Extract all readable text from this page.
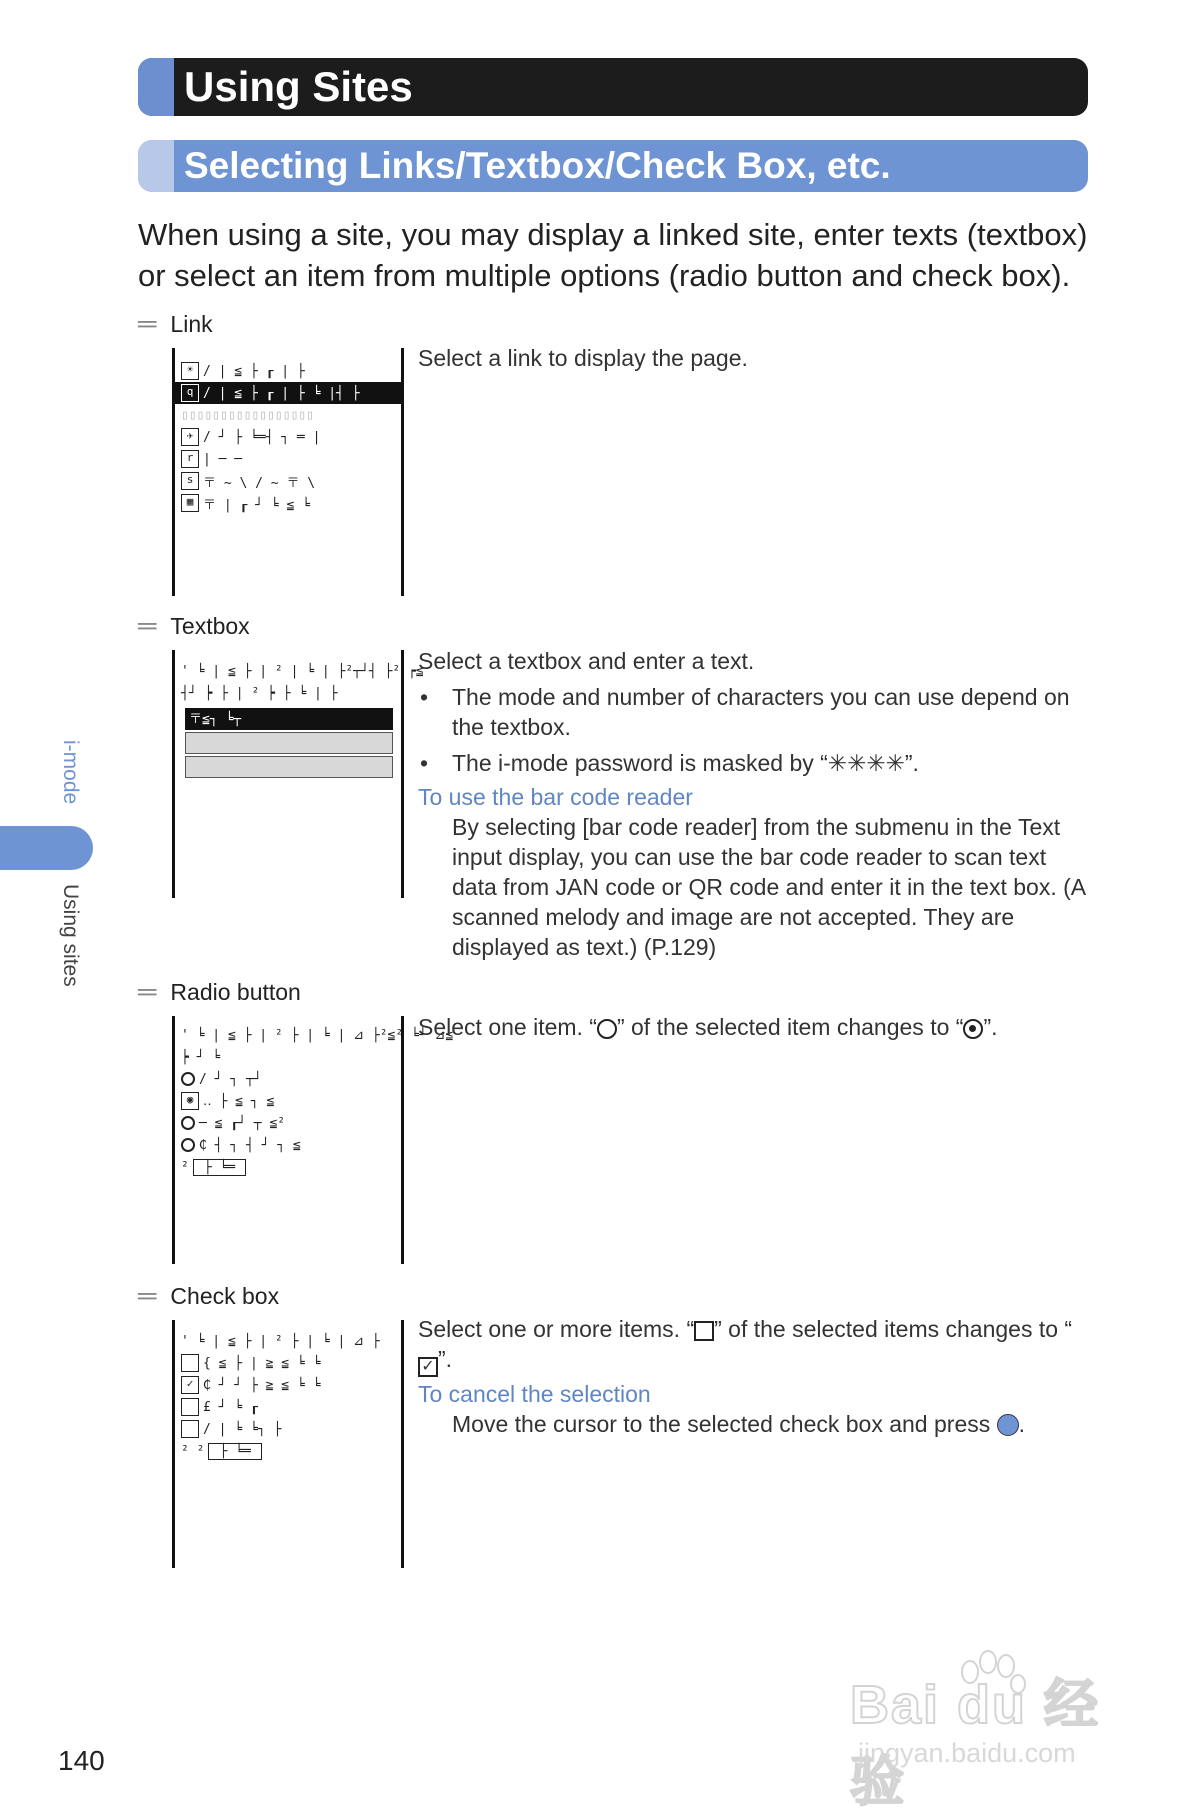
Using Sites
Selecting Links/Textbox/Check Box, etc.
When using a site, you may display a linked site, enter texts (textbox) or select an item from multiple options (radio button and check box).
i-mode
Using sites
═ Link
☀ / | ≦ ├ ┎ | ├
q / | ≦ ├ ┎ | ├ ╘ |┤ ├
▯▯▯▯▯▯▯▯▯▯▯▯▯▯▯▯▯
✈ / ┘ ├ ╘═┤ ┐ ═ |
r | ─ ─
s 〒 ~ \ / ~ 〒 \
▦ 〒 | ┎ ┘ ╘ ≦ ╘
Select a link to display the page.
═ Textbox
' ╘ | ≦ ├ | ² | ╘ | ├²┬┘┤ ├² ┍≦
┤┘ ┝ ├ | ² ┝ ├ ╘ | ├
〒≦┐ ╘┬
Select a textbox and enter a text.
• The mode and number of characters you can use depend on the textbox.
• The i-mode password is masked by “✳✳✳✳”.
To use the bar code reader
By selecting [bar code reader] from the submenu in the Text input display, you can use the bar code reader to scan text data from JAN code or QR code and enter it in the text box. (A scanned melody and image are not accepted. They are displayed as text.) (P.129)
═ Radio button
' ╘ | ≦ ├ | ² ├ | ╘ | ⊿ ├²≦² ╘┘ ⊿≦
┝ ┘ ╘
/ ┘ ┐ ┬┘
◉ ‥ ├ ≦ ┐ ≦
─ ≦ ┎┘ ┬ ≦²
₵ ┤ ┐ ┤ ┘ ┐ ≦
²	├ ╘═
Select one item. “ ” of the selected item changes to “ ”.
═ Check box
' ╘ | ≦ ├ | ² ├ | ╘ | ⊿ ├
{ ≦ ├ | ≧ ≦ ╘ ╘
✓ ₵ ┘ ┘ ├ ≧ ≦ ╘ ╘
£ ┘ ╘ ┎
/ | ╘ ╘┐ ├
² ²	├ ╘═
Select one or more items. “ ” of the selected items changes to “✓ ”.
To cancel the selection
Move the cursor to the selected check box and press .
140
Bai du 经验
jingyan.baidu.com
